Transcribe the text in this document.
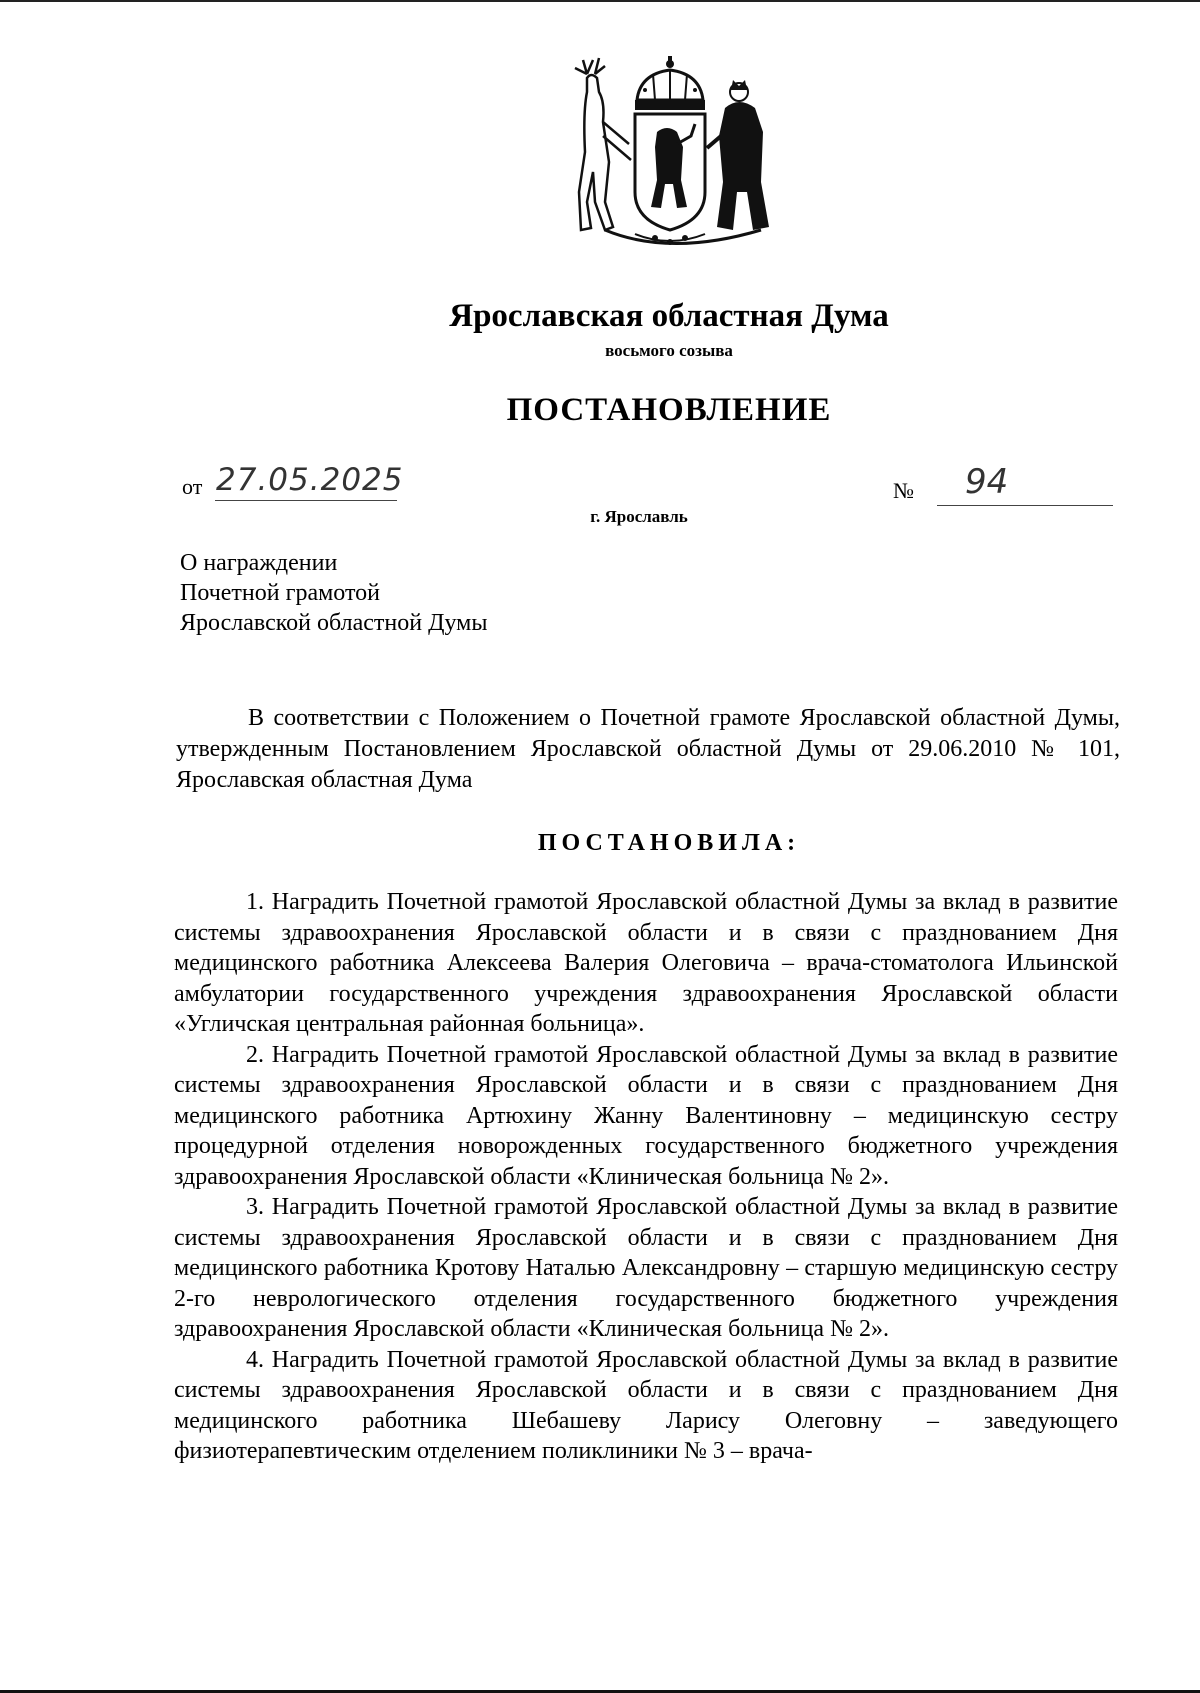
Ярославская областная Дума
восьмого созыва
ПОСТАНОВЛЕНИЕ
от 27.05.2025	№ 94
г. Ярославль
О награждении
Почетной грамотой
Ярославской областной Думы

В соответствии с Положением о Почетной грамоте Ярославской областной Думы, утвержденным Постановлением Ярославской областной Думы от 29.06.2010 № 101, Ярославская областная Дума

ПОСТАНОВИЛА:

1. Наградить Почетной грамотой Ярославской областной Думы за вклад в развитие системы здравоохранения Ярославской области и в связи с празднованием Дня медицинского работника Алексеева Валерия Олеговича – врача-стоматолога Ильинской амбулатории государственного учреждения здравоохранения Ярославской области «Угличская центральная районная больница».

2. Наградить Почетной грамотой Ярославской областной Думы за вклад в развитие системы здравоохранения Ярославской области и в связи с празднованием Дня медицинского работника Артюхину Жанну Валентиновну – медицинскую сестру процедурной отделения новорожденных государственного бюджетного учреждения здравоохранения Ярославской области «Клиническая больница № 2».

3. Наградить Почетной грамотой Ярославской областной Думы за вклад в развитие системы здравоохранения Ярославской области и в связи с празднованием Дня медицинского работника Кротову Наталью Александровну – старшую медицинскую сестру 2-го неврологического отделения государственного бюджетного учреждения здравоохранения Ярославской области «Клиническая больница № 2».

4. Наградить Почетной грамотой Ярославской областной Думы за вклад в развитие системы здравоохранения Ярославской области и в связи с празднованием Дня медицинского работника Шебашеву Ларису Олеговну – заведующего физиотерапевтическим отделением поликлиники № 3 – врача-
